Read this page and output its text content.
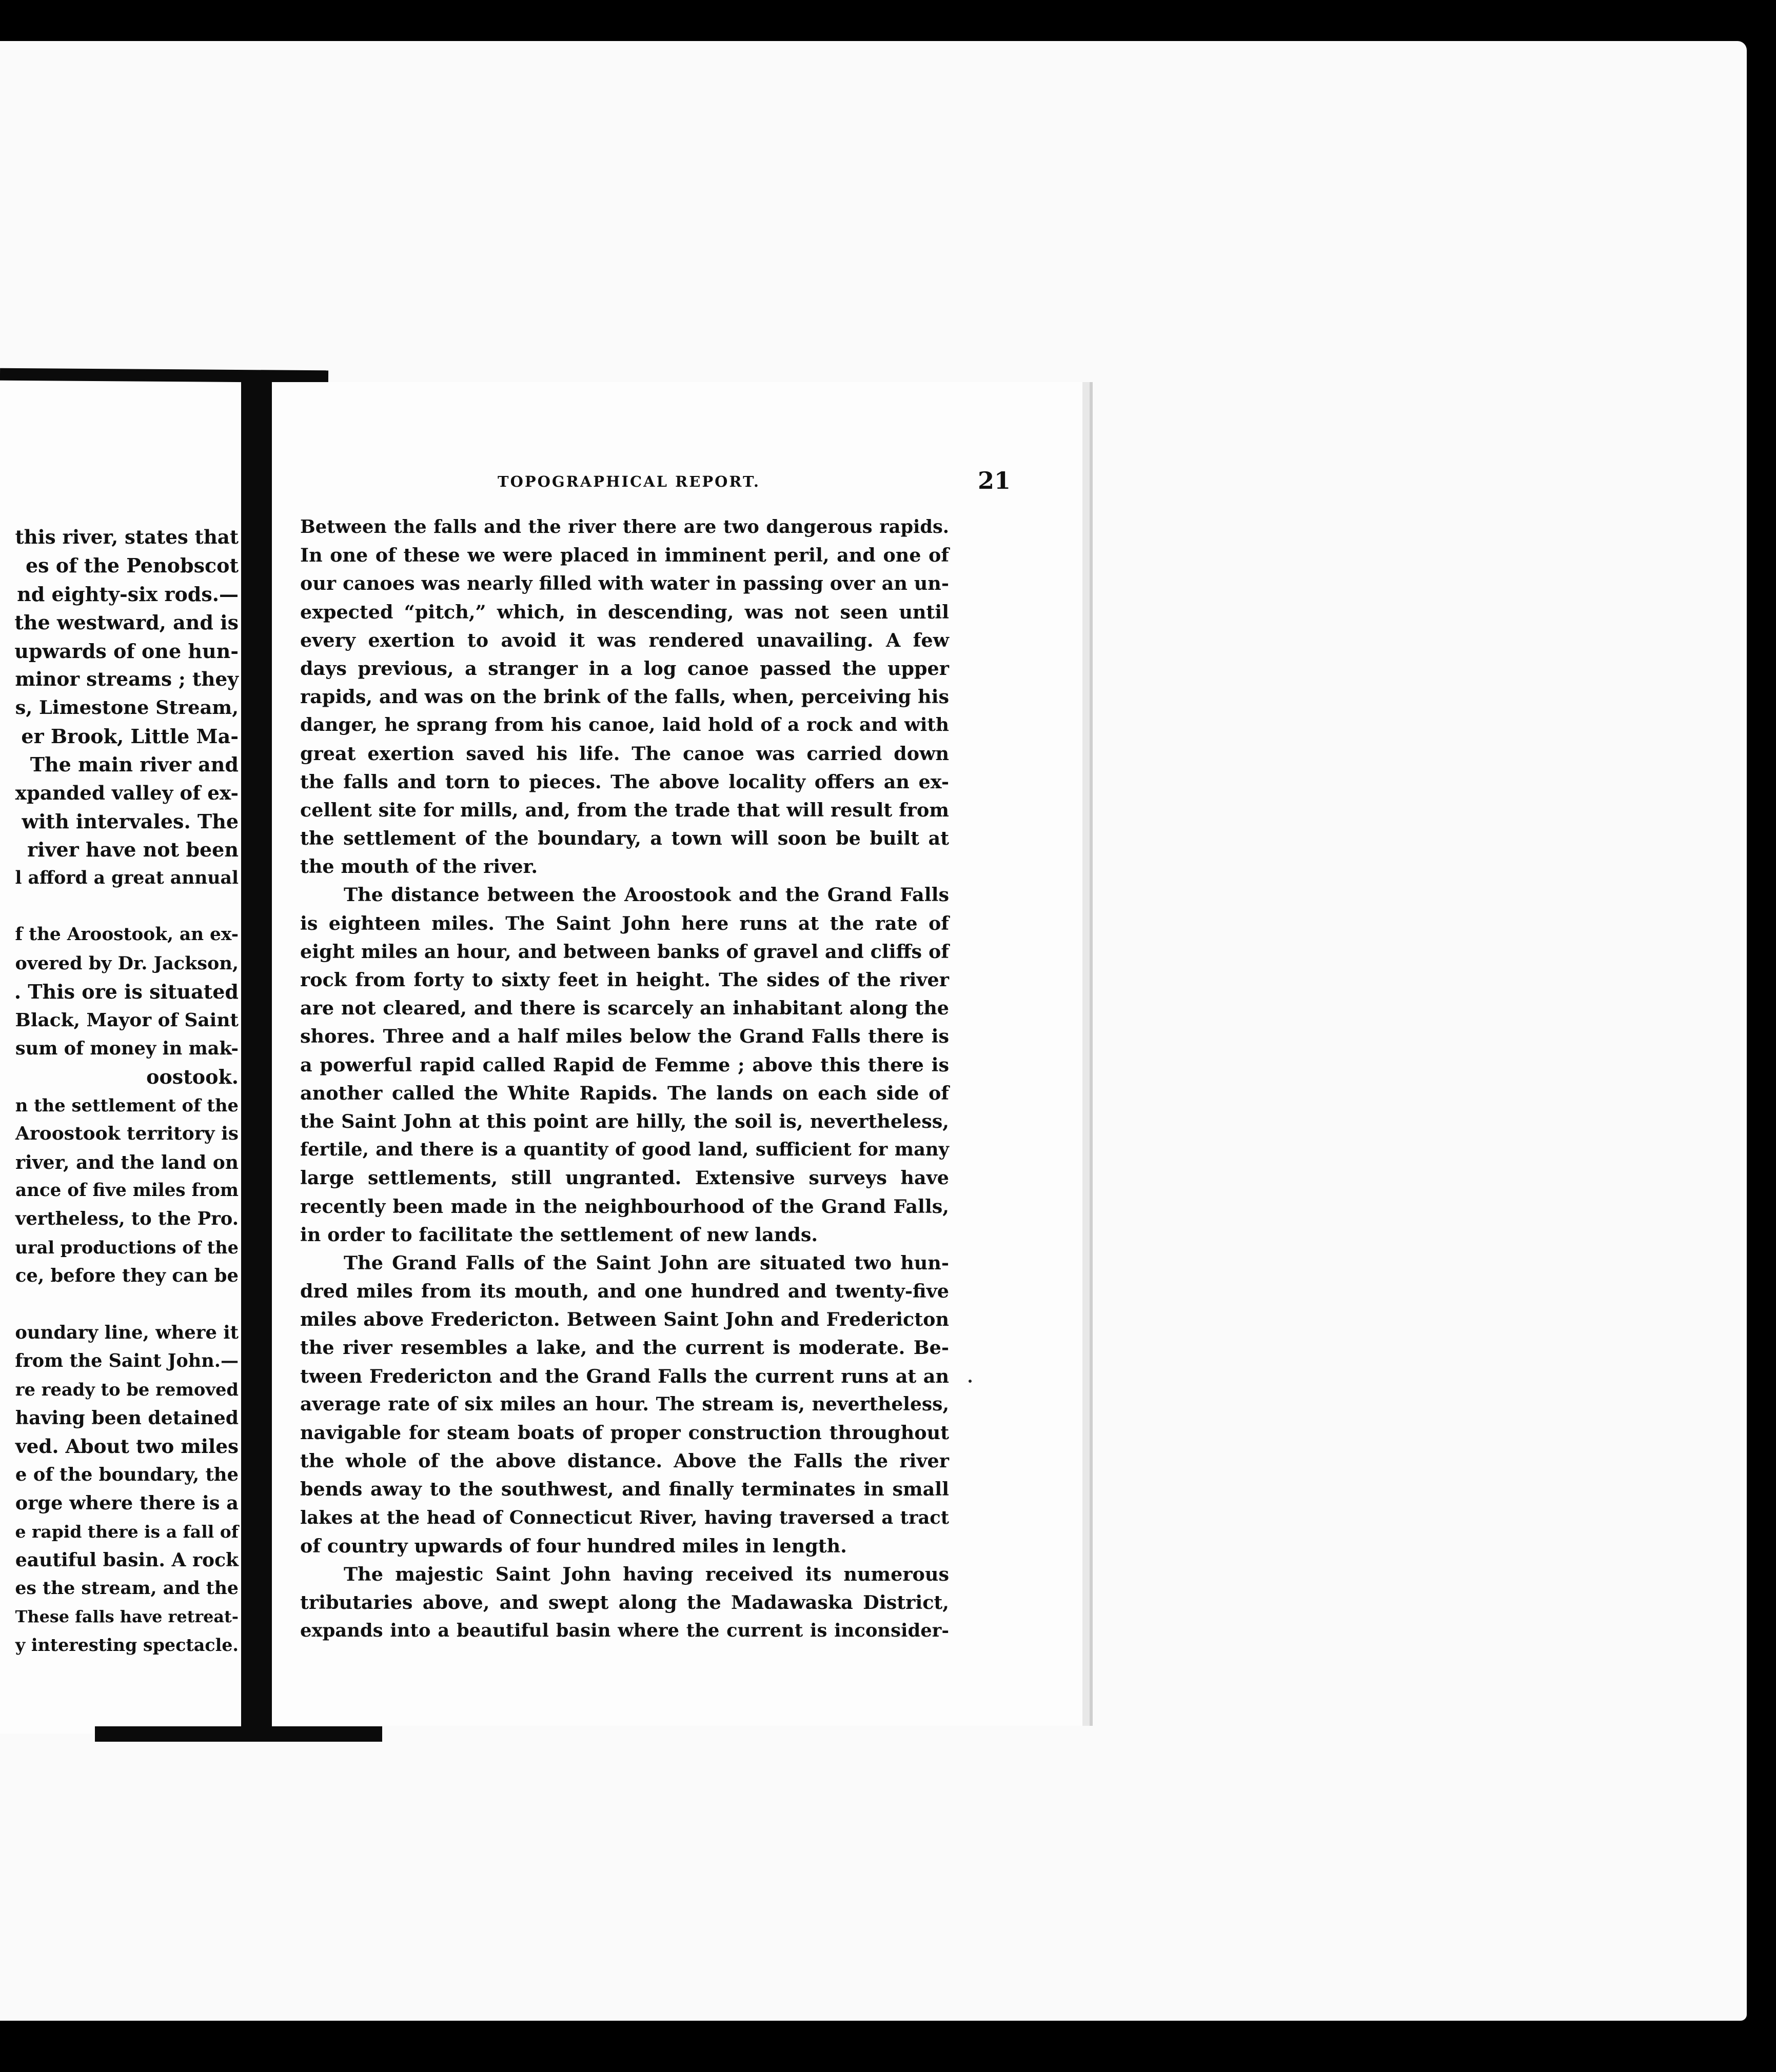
this river, states that
es of the Penobscot
nd eighty-six rods.—
the westward, and is
upwards of one hun-
minor streams ; they
s, Limestone Stream,
er Brook, Little Ma-
The main river and
xpanded valley of ex-
with intervales. The
river have not been
l afford a great annual
f the Aroostook, an ex-
overed by Dr. Jackson,
. This ore is situated
Black, Mayor of Saint
sum of money in mak-
oostook.
n the settlement of the
Aroostook territory is
river, and the land on
ance of five miles from
vertheless, to the Pro.
ural productions of the
ce, before they can be
oundary line, where it
from the Saint John.—
re ready to be removed
having been detained
ved. About two miles
e of the boundary, the
orge where there is a
e rapid there is a fall of
eautiful basin. A rock
es the stream, and the
These falls have retreat-
y interesting spectacle.
TOPOGRAPHICAL REPORT.	21
Between the falls and the river there are two dangerous rapids.
In one of these we were placed in imminent peril, and one of
our canoes was nearly filled with water in passing over an un-
expected “pitch,” which, in descending, was not seen until
every exertion to avoid it was rendered unavailing. A few
days previous, a stranger in a log canoe passed the upper
rapids, and was on the brink of the falls, when, perceiving his
danger, he sprang from his canoe, laid hold of a rock and with
great exertion saved his life. The canoe was carried down
the falls and torn to pieces. The above locality offers an ex-
cellent site for mills, and, from the trade that will result from
the settlement of the boundary, a town will soon be built at
the mouth of the river.
The distance between the Aroostook and the Grand Falls
is eighteen miles. The Saint John here runs at the rate of
eight miles an hour, and between banks of gravel and cliffs of
rock from forty to sixty feet in height. The sides of the river
are not cleared, and there is scarcely an inhabitant along the
shores. Three and a half miles below the Grand Falls there is
a powerful rapid called Rapid de Femme ; above this there is
another called the White Rapids. The lands on each side of
the Saint John at this point are hilly, the soil is, nevertheless,
fertile, and there is a quantity of good land, sufficient for many
large settlements, still ungranted. Extensive surveys have
recently been made in the neighbourhood of the Grand Falls,
in order to facilitate the settlement of new lands.
The Grand Falls of the Saint John are situated two hun-
dred miles from its mouth, and one hundred and twenty-five
miles above Fredericton. Between Saint John and Fredericton
the river resembles a lake, and the current is moderate. Be-
tween Fredericton and the Grand Falls the current runs at an
average rate of six miles an hour. The stream is, nevertheless,
navigable for steam boats of proper construction throughout
the whole of the above distance. Above the Falls the river
bends away to the southwest, and finally terminates in small
lakes at the head of Connecticut River, having traversed a tract
of country upwards of four hundred miles in length.
The majestic Saint John having received its numerous
tributaries above, and swept along the Madawaska District,
expands into a beautiful basin where the current is inconsider-
